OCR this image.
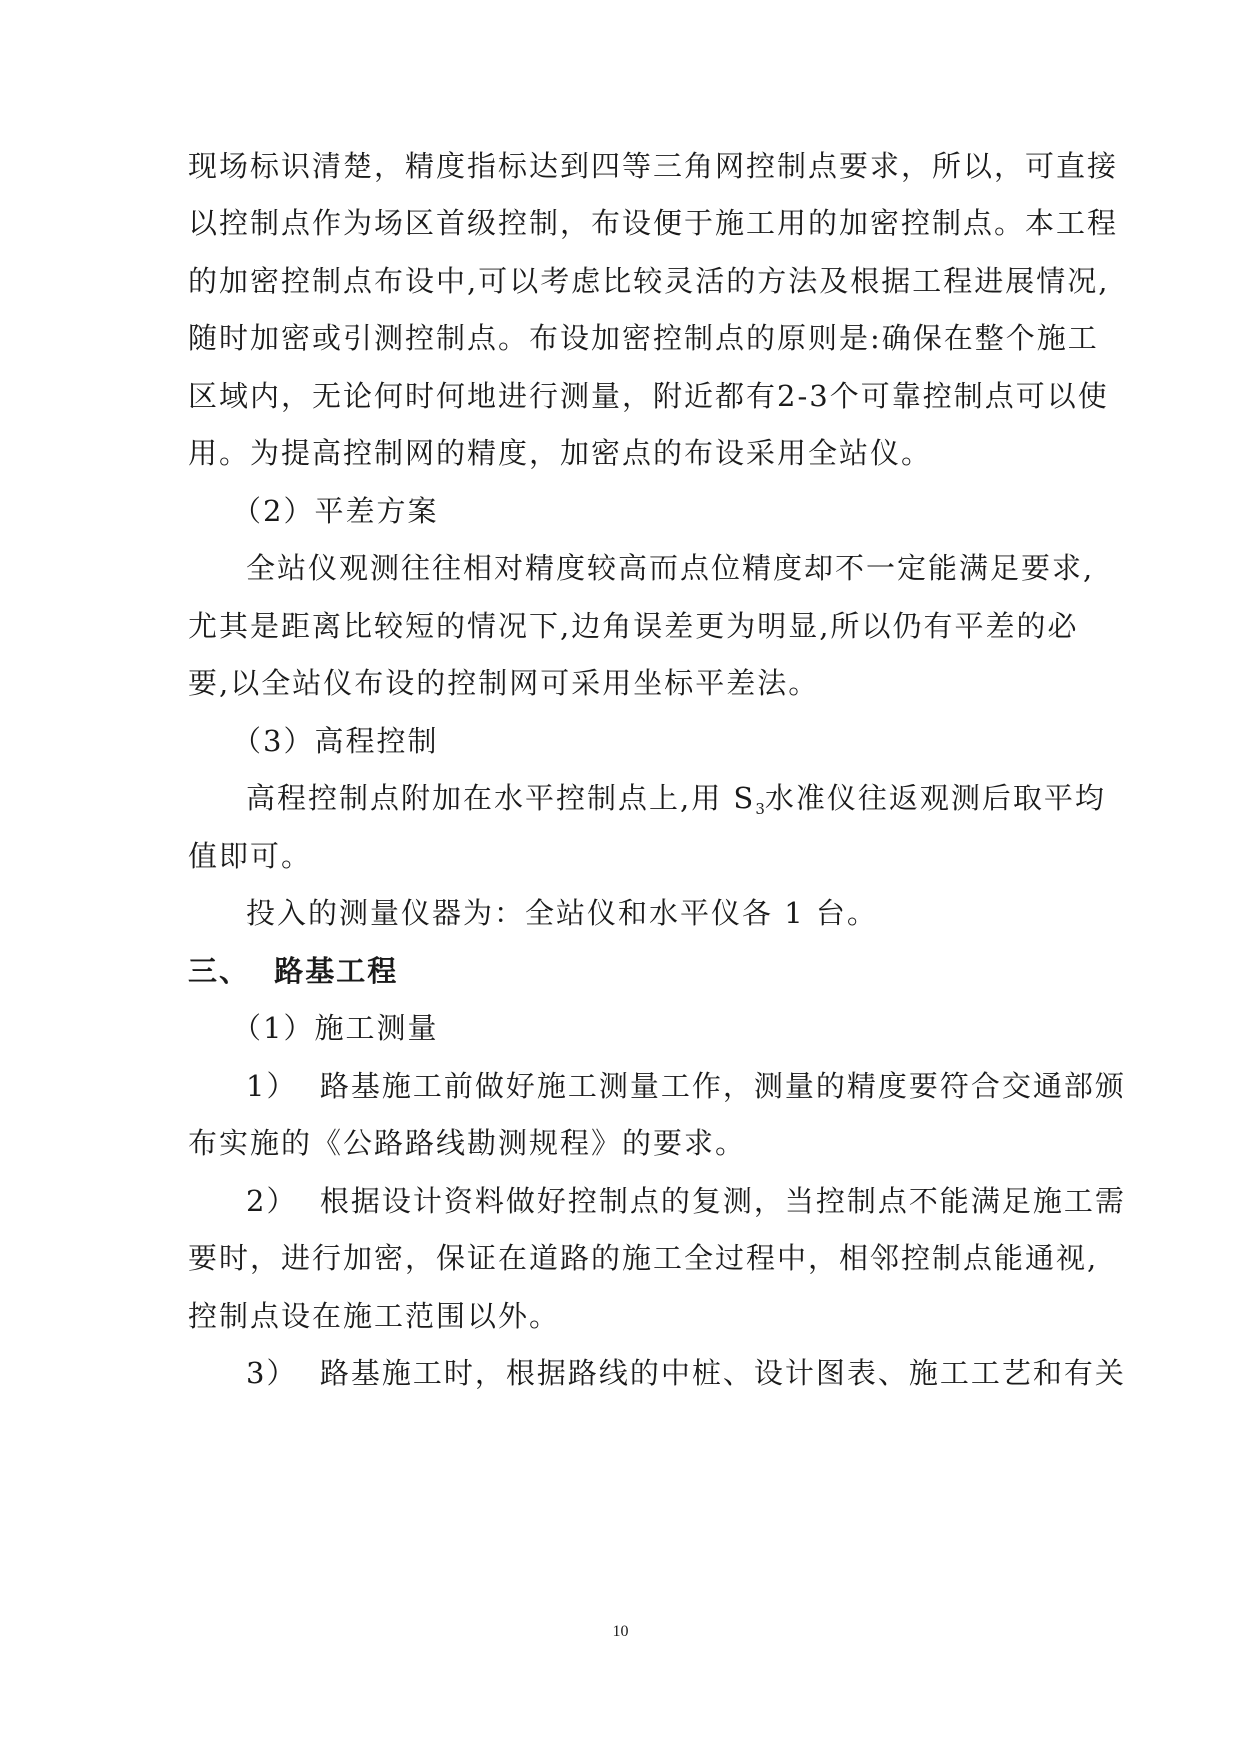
现场标识清楚，精度指标达到四等三角网控制点要求，所以，可直接
以控制点作为场区首级控制，布设便于施工用的加密控制点。本工程
的加密控制点布设中,可以考虑比较灵活的方法及根据工程进展情况,
随时加密或引测控制点。布设加密控制点的原则是:确保在整个施工
区域内，无论何时何地进行测量，附近都有2-3个可靠控制点可以使
用。为提高控制网的精度，加密点的布设采用全站仪。
（2）平差方案
全站仪观测往往相对精度较高而点位精度却不一定能满足要求,
尤其是距离比较短的情况下,边角误差更为明显,所以仍有平差的必
要,以全站仪布设的控制网可采用坐标平差法。
（3）高程控制
高程控制点附加在水平控制点上,用 $S_3$水准仪往返观测后取平均
值即可。
投入的测量仪器为：全站仪和水平仪各 1 台。
三、  路基工程
（1）施工测量
1）  路基施工前做好施工测量工作，测量的精度要符合交通部颁
布实施的《公路路线勘测规程》的要求。
2）  根据设计资料做好控制点的复测，当控制点不能满足施工需
要时，进行加密，保证在道路的施工全过程中，相邻控制点能通视,
控制点设在施工范围以外。
3）  路基施工时，根据路线的中桩、设计图表、施工工艺和有关
10
